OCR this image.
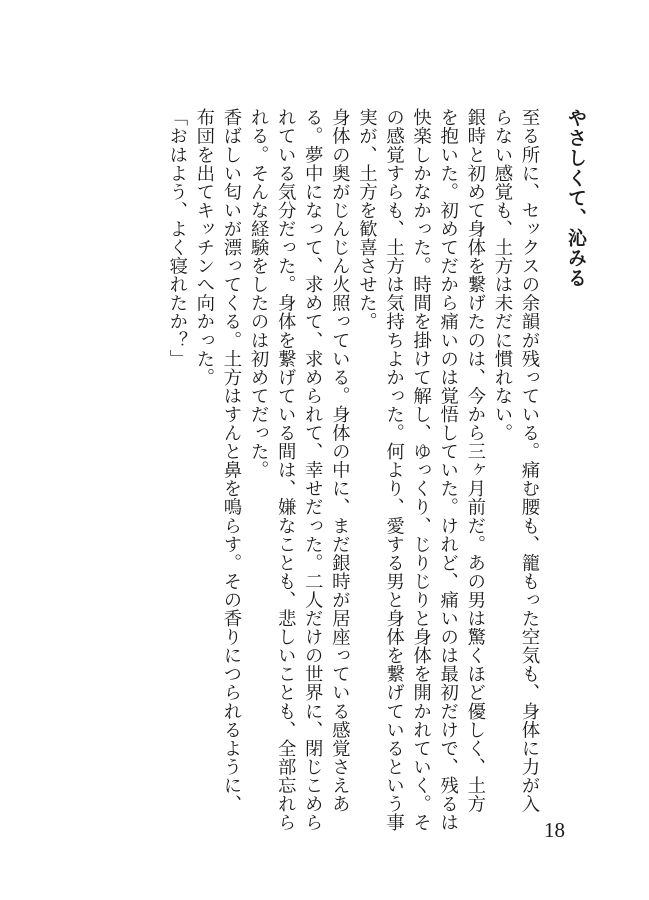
やさしくて、沁みる
至る所に、セックスの余韻が残っている。痛む腰も、籠もった空気も、身体に力が入
らない感覚も、土方は未だに慣れない。
銀時と初めて身体を繋げたのは、今から三ヶ月前だ。あの男は驚くほど優しく、土方
を抱いた。初めてだから痛いのは覚悟していた。けれど、痛いのは最初だけで、残るは
快楽しかなかった。時間を掛けて解し、ゆっくり、じりじりと身体を開かれていく。そ
の感覚すらも、土方は気持ちよかった。何より、愛する男と身体を繋げているという事
実が、土方を歓喜させた。
身体の奥がじんじん火照っている。身体の中に、まだ銀時が居座っている感覚さえあ
る。夢中になって、求めて、求められて、幸せだった。二人だけの世界に、閉じこめら
れている気分だった。身体を繋げている間は、嫌なことも、悲しいことも、全部忘れら
れる。そんな経験をしたのは初めてだった。
香ばしい匂いが漂ってくる。土方はすんと鼻を鳴らす。その香りにつられるように、
布団を出てキッチンへ向かった。
「おはよう、よく寝れたか？」

18
